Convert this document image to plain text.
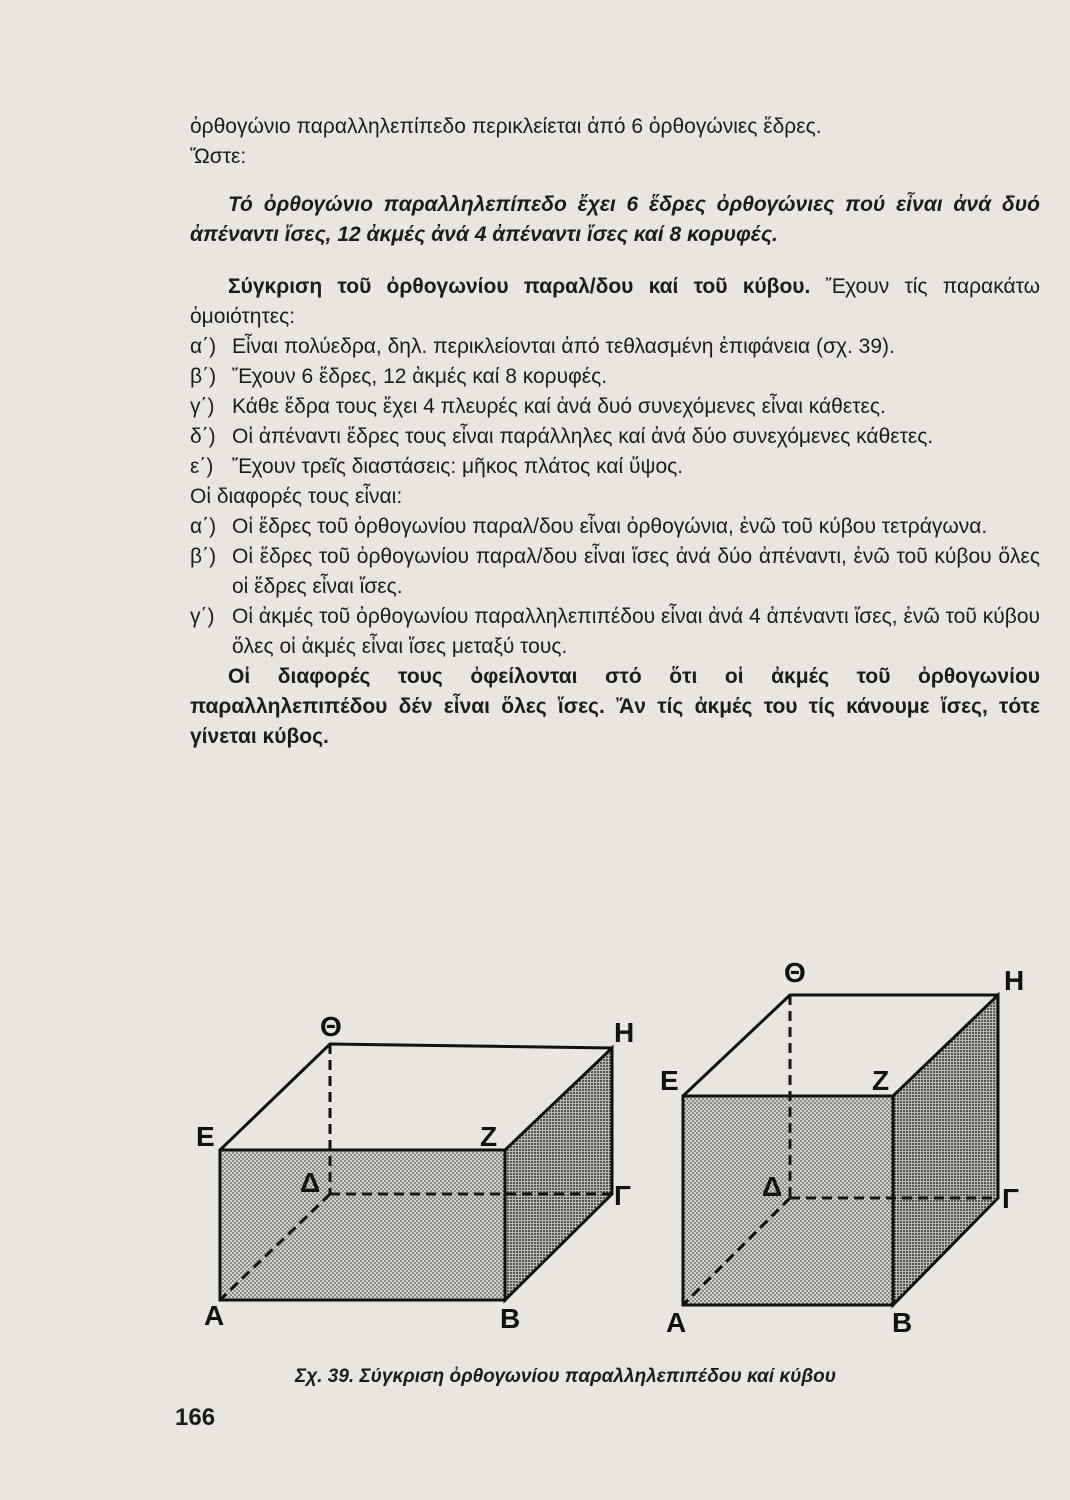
ὀρθογώνιο παραλληλεπίπεδο περικλείεται ἀπό 6 ὀρθογώνιες ἕδρες.
Ὥστε:
Τό ὀρθογώνιο παραλληλεπίπεδο ἔχει 6 ἕδρες ὀρθογώνιες πού εἶναι ἀνά δυό ἀπέναντι ἴσες, 12 ἀκμές ἀνά 4 ἀπέναντι ἴσες καί 8 κορυφές.

Σύγκριση τοῦ ὀρθογωνίου παραλ/δου καί τοῦ κύβου. Ἔχουν τίς παρακάτω ὁμοιότητες:

α΄) Εἶναι πολύεδρα, δηλ. περικλείονται ἀπό τεθλασμένη ἐπιφάνεια (σχ. 39).
β΄) Ἔχουν 6 ἕδρες, 12 ἀκμές καί 8 κορυφές.
γ΄) Κάθε ἕδρα τους ἔχει 4 πλευρές καί ἀνά δυό συνεχόμενες εἶναι κάθετες.
δ΄) Οἱ ἀπέναντι ἕδρες τους εἶναι παράλληλες καί ἀνά δύο συνεχόμενες κάθετες.
ε΄) Ἔχουν τρεῖς διαστάσεις: μῆκος πλάτος καί ὕψος.

Οἱ διαφορές τους εἶναι:

α΄) Οἱ ἕδρες τοῦ ὀρθογωνίου παραλ/δου εἶναι ὀρθογώνια, ἐνῶ τοῦ κύβου τετράγωνα.
β΄) Οἱ ἕδρες τοῦ ὀρθογωνίου παραλ/δου εἶναι ἴσες ἀνά δύο ἀπέναντι, ἐνῶ τοῦ κύβου ὅλες οἱ ἕδρες εἶναι ἴσες.
γ΄) Οἱ ἀκμές τοῦ ὀρθογωνίου παραλληλεπιπέδου εἶναι ἀνά 4 ἀπέναντι ἴσες, ἐνῶ τοῦ κύβου ὅλες οἱ ἀκμές εἶναι ἴσες μεταξύ τους.

Οἱ διαφορές τους ὀφείλονται στό ὅτι οἱ ἀκμές τοῦ ὀρθογωνίου παραλληλεπιπέδου δέν εἶναι ὅλες ἴσες. Ἄν τίς ἀκμές του τίς κάνουμε ἴσες, τότε γίνεται κύβος.

A	B
Γ
Δ
E	Z
H
Θ
A	B
Γ
Δ
E	Z
H
Θ
Σχ. 39. Σύγκριση ὀρθογωνίου παραλληλεπιπέδου καί κύβου
166
